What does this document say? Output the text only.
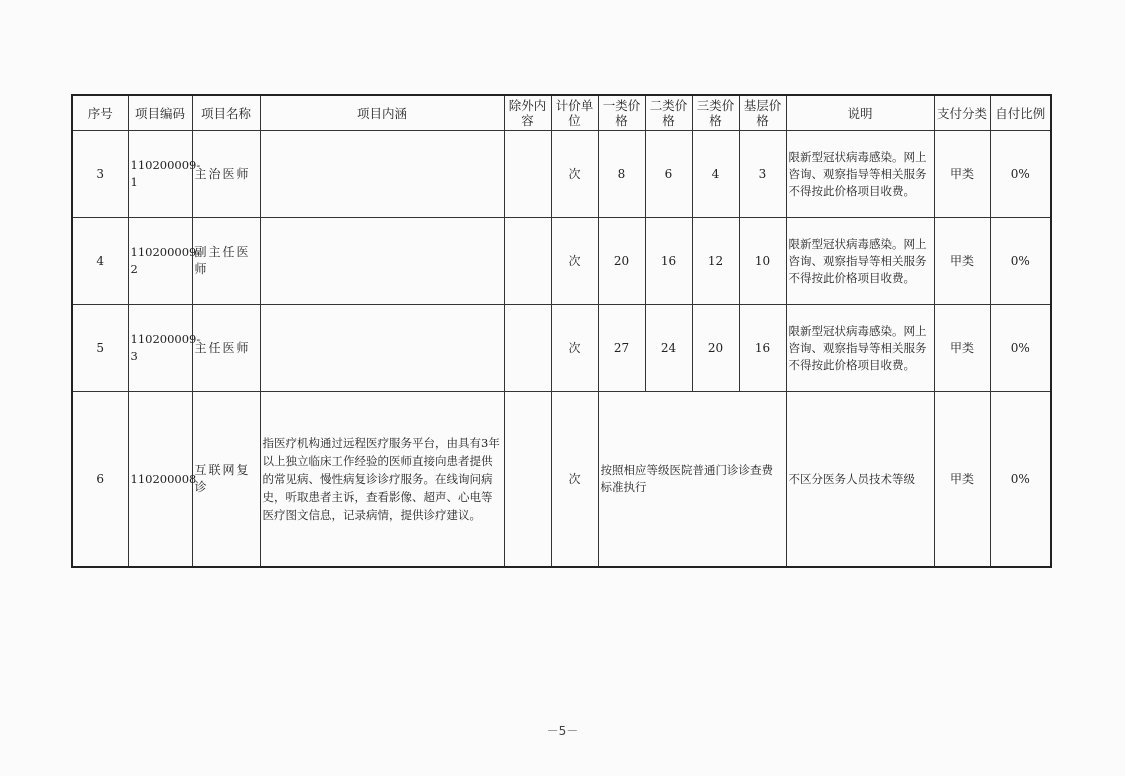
序号	项目编码	项目名称	项目内涵	除外内容	计价单位	一类价格	二类价格	三类价格	基层价格	说明	支付分类	自付比例
3	110200009-1	主治医师			次	8	6	4	3	限新型冠状病毒感染。网上咨询、观察指导等相关服务不得按此价格项目收费。	甲类	0%
4	110200009-2	副主任医师			次	20	16	12	10	限新型冠状病毒感染。网上咨询、观察指导等相关服务不得按此价格项目收费。	甲类	0%
5	110200009-3	主任医师			次	27	24	20	16	限新型冠状病毒感染。网上咨询、观察指导等相关服务不得按此价格项目收费。	甲类	0%
6	110200008	互联网复诊	指医疗机构通过远程医疗服务平台，由具有3年以上独立临床工作经验的医师直接向患者提供的常见病、慢性病复诊诊疗服务。在线询问病史，听取患者主诉，查看影像、超声、心电等医疗图文信息，记录病情，提供诊疗建议。		次	按照相应等级医院普通门诊诊查费标准执行				不区分医务人员技术等级	甲类	0%
－5－
